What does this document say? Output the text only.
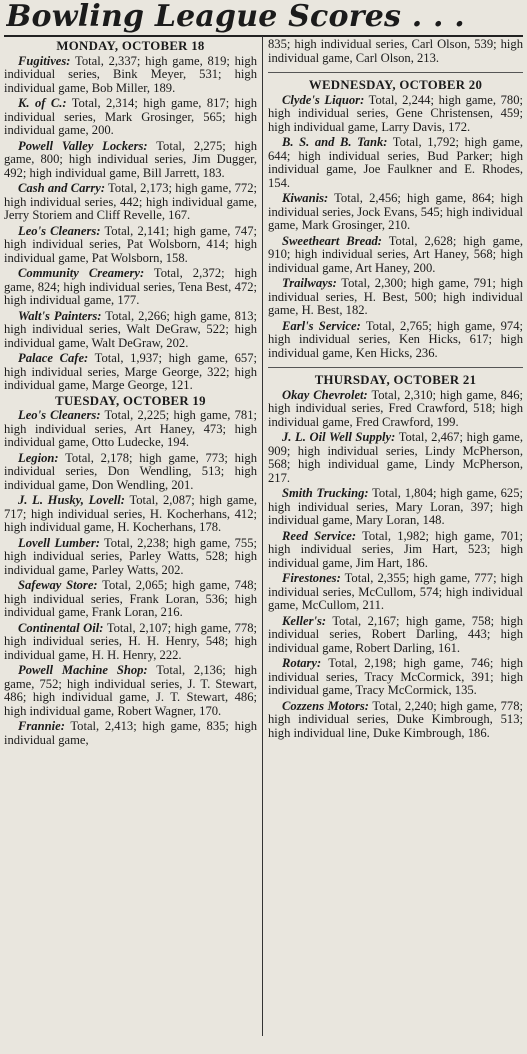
Bowling League Scores . . .
MONDAY, OCTOBER 18
Fugitives: Total, 2,337; high game, 819; high individual series, Bink Meyer, 531; high individual game, Bob Miller, 189.
K. of C.: Total, 2,314; high game, 817; high individual series, Mark Grosinger, 565; high individual game, 200.
Powell Valley Lockers: Total, 2,275; high game, 800; high individual series, Jim Dugger, 492; high individual game, Bill Jarrett, 183.
Cash and Carry: Total, 2,173; high game, 772; high individual series, 442; high individual game, Jerry Storiem and Cliff Revelle, 167.
Leo's Cleaners: Total, 2,141; high game, 747; high individual series, Pat Wolsborn, 414; high individual game, Pat Wolsborn, 158.
Community Creamery: Total, 2,372; high game, 824; high individual series, Tena Best, 472; high individual game, 177.
Walt's Painters: Total, 2,266; high game, 813; high individual series, Walt DeGraw, 522; high individual game, Walt DeGraw, 202.
Palace Cafe: Total, 1,937; high game, 657; high individual series, Marge George, 322; high individual game, Marge George, 121.
TUESDAY, OCTOBER 19
Leo's Cleaners: Total, 2,225; high game, 781; high individual series, Art Haney, 473; high individual game, Otto Ludecke, 194.
Legion: Total, 2,178; high game, 773; high individual series, Don Wendling, 513; high individual game, Don Wendling, 201.
J. L. Husky, Lovell: Total, 2,087; high game, 717; high individual series, H. Kocherhans, 412; high individual game, H. Kocherhans, 178.
Lovell Lumber: Total, 2,238; high game, 755; high individual series, Parley Watts, 528; high individual game, Parley Watts, 202.
Safeway Store: Total, 2,065; high game, 748; high individual series, Frank Loran, 536; high individual game, Frank Loran, 216.
Continental Oil: Total, 2,107; high game, 778; high individual series, H. H. Henry, 548; high individual game, H. H. Henry, 222.
Powell Machine Shop: Total, 2,136; high game, 752; high individual series, J. T. Stewart, 486; high individual game, J. T. Stewart, 486; high individual game, Robert Wagner, 170.
Frannie: Total, 2,413; high game, 835; high individual game,
835; high individual series, Carl Olson, 539; high individual game, Carl Olson, 213.
WEDNESDAY, OCTOBER 20
Clyde's Liquor: Total, 2,244; high game, 780; high individual series, Gene Christensen, 459; high individual game, Larry Davis, 172.
B. S. and B. Tank: Total, 1,792; high game, 644; high individual series, Bud Parker; high individual game, Joe Faulkner and E. Rhodes, 154.
Kiwanis: Total, 2,456; high game, 864; high individual series, Jock Evans, 545; high individual game, Mark Grosinger, 210.
Sweetheart Bread: Total, 2,628; high game, 910; high individual series, Art Haney, 568; high individual game, Art Haney, 200.
Trailways: Total, 2,300; high game, 791; high individual series, H. Best, 500; high individual game, H. Best, 182.
Earl's Service: Total, 2,765; high game, 974; high individual series, Ken Hicks, 617; high individual game, Ken Hicks, 236.
THURSDAY, OCTOBER 21
Okay Chevrolet: Total, 2,310; high game, 846; high individual series, Fred Crawford, 518; high individual game, Fred Crawford, 199.
J. L. Oil Well Supply: Total, 2,467; high game, 909; high individual series, Lindy McPherson, 568; high individual game, Lindy McPherson, 217.
Smith Trucking: Total, 1,804; high game, 625; high individual series, Mary Loran, 397; high individual game, Mary Loran, 148.
Reed Service: Total, 1,982; high game, 701; high individual series, Jim Hart, 523; high individual game, Jim Hart, 186.
Firestones: Total, 2,355; high game, 777; high individual series, McCullom, 574; high individual game, McCullom, 211.
Keller's: Total, 2,167; high game, 758; high individual series, Robert Darling, 443; high individual game, Robert Darling, 161.
Rotary: Total, 2,198; high game, 746; high individual series, Tracy McCormick, 391; high individual game, Tracy McCormick, 135.
Cozzens Motors: Total, 2,240; high game, 778; high individual series, Duke Kimbrough, 513; high individual line, Duke Kimbrough, 186.
